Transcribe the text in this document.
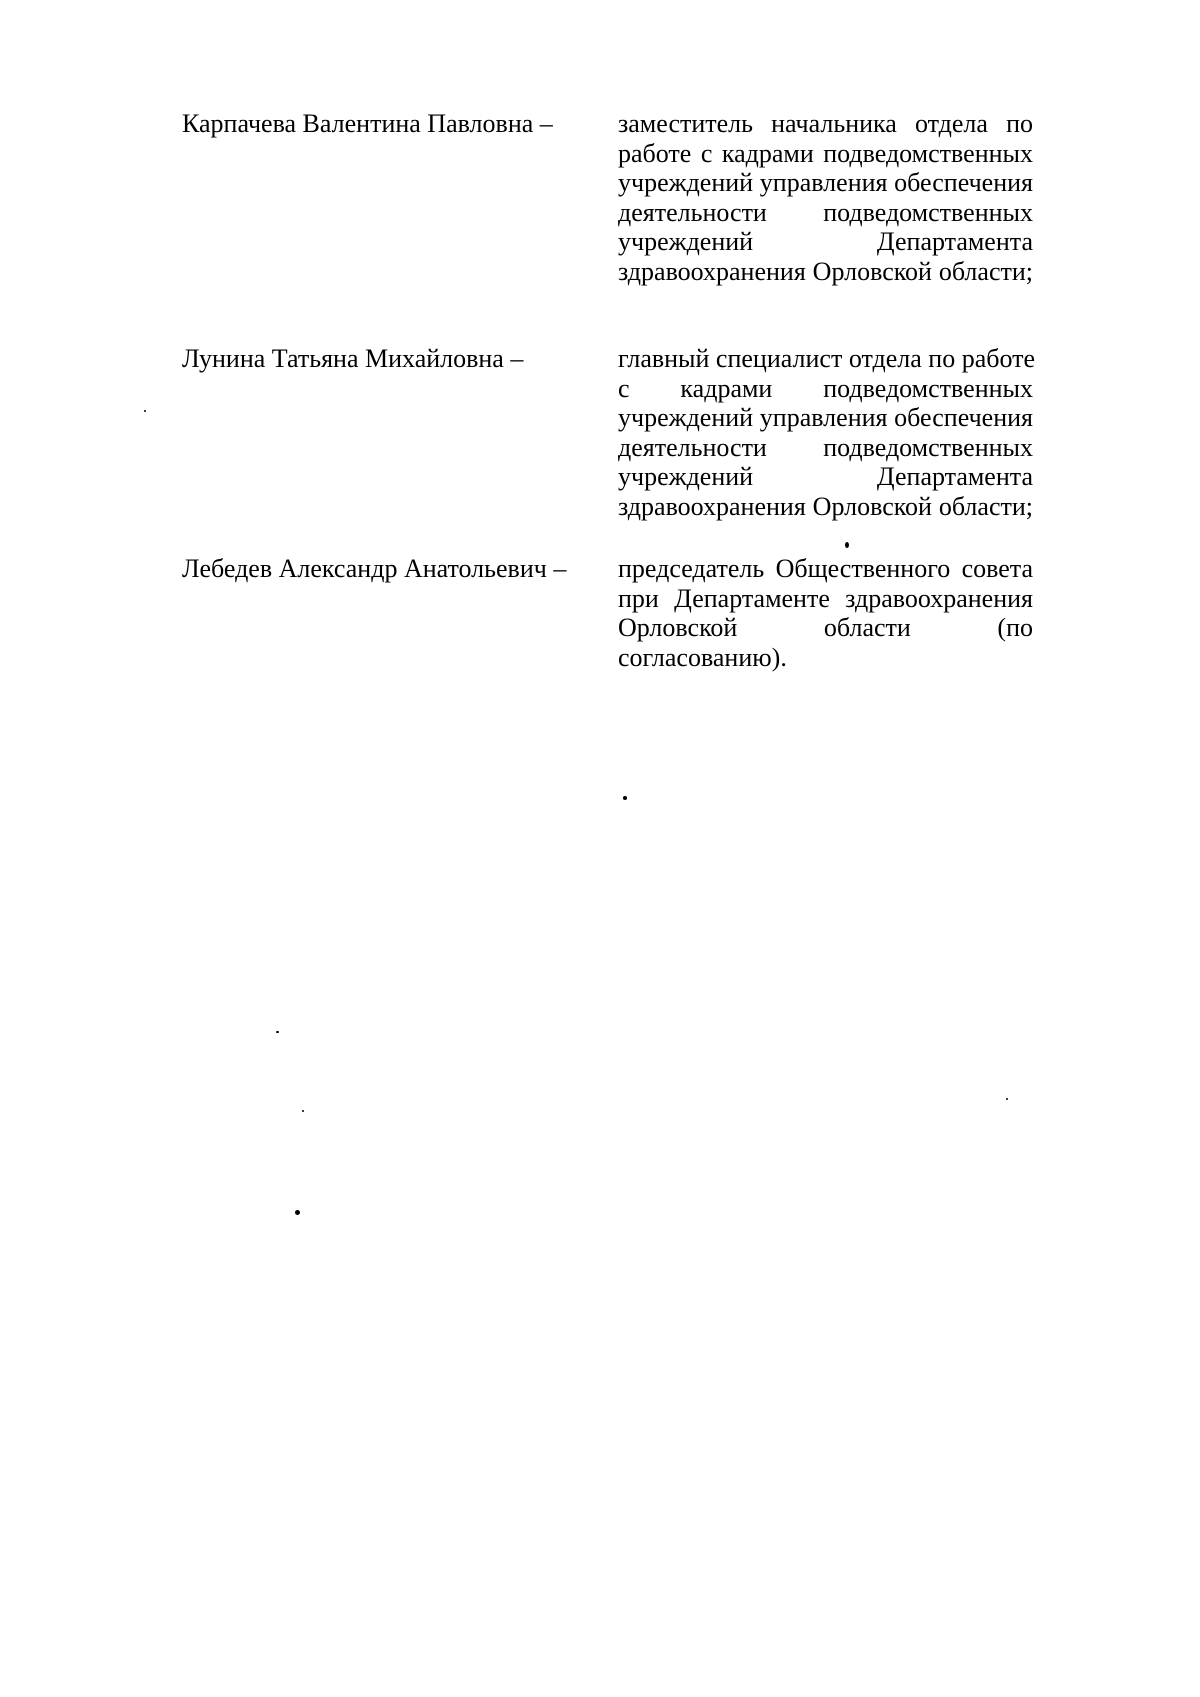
Карпачева Валентина Павловна –	заместитель начальника отдела по
работе с кадрами подведомственных
учреждений управления обеспечения
деятельности подведомственных
учреждений Департамента
здравоохранения Орловской области;
Лунина Татьяна Михайловна –	главный специалист отдела по работе
с кадрами подведомственных
учреждений управления обеспечения
деятельности подведомственных
учреждений Департамента
здравоохранения Орловской области;
Лебедев Александр Анатольевич – председатель Общественного совета
при Департаменте здравоохранения
Орловской области (по
согласованию).
